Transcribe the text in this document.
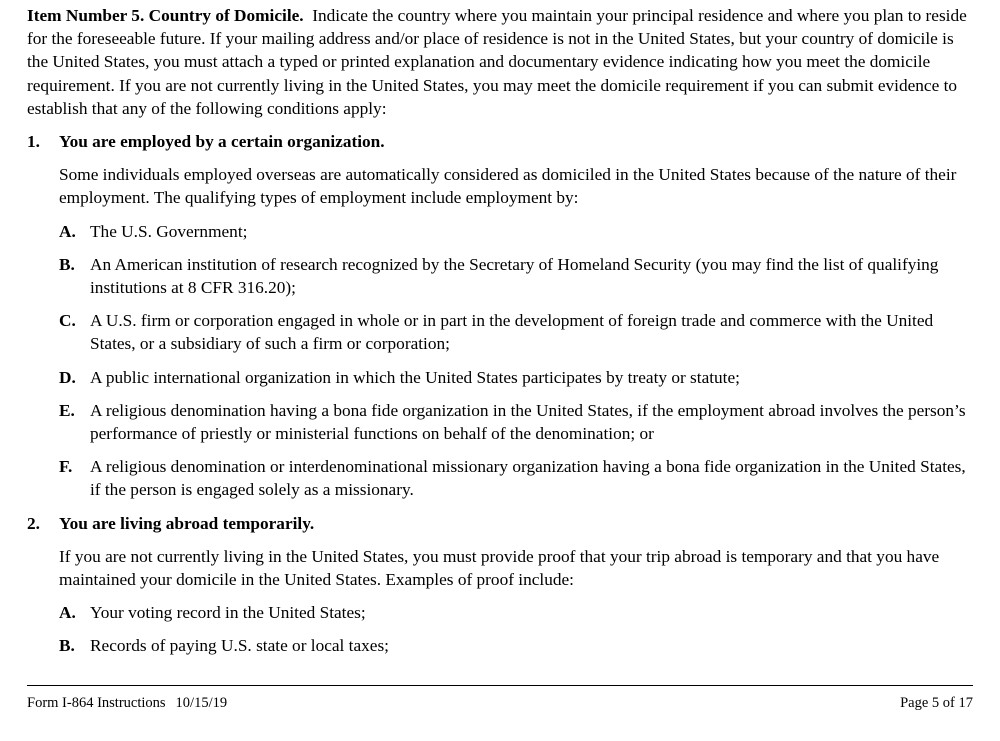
Item Number 5. Country of Domicile. Indicate the country where you maintain your principal residence and where you plan to reside for the foreseeable future. If your mailing address and/or place of residence is not in the United States, but your country of domicile is the United States, you must attach a typed or printed explanation and documentary evidence indicating how you meet the domicile requirement. If you are not currently living in the United States, you may meet the domicile requirement if you can submit evidence to establish that any of the following conditions apply:

1.	You are employed by a certain organization.
Some individuals employed overseas are automatically considered as domiciled in the United States because of the nature of their employment. The qualifying types of employment include employment by:
A. The U.S. Government;
B. An American institution of research recognized by the Secretary of Homeland Security (you may find the list of qualifying institutions at 8 CFR 316.20);
C. A U.S. firm or corporation engaged in whole or in part in the development of foreign trade and commerce with the United States, or a subsidiary of such a firm or corporation;
D. A public international organization in which the United States participates by treaty or statute;
E. A religious denomination having a bona fide organization in the United States, if the employment abroad involves the person’s performance of priestly or ministerial functions on behalf of the denomination; or
F.	A religious denomination or interdenominational missionary organization having a bona fide organization in the United States, if the person is engaged solely as a missionary.
2.	You are living abroad temporarily.
If you are not currently living in the United States, you must provide proof that your trip abroad is temporary and that you have maintained your domicile in the United States. Examples of proof include:
A. Your voting record in the United States;
B. Records of paying U.S. state or local taxes;
Form I-864 Instructions 10/15/19	Page 5 of 17
